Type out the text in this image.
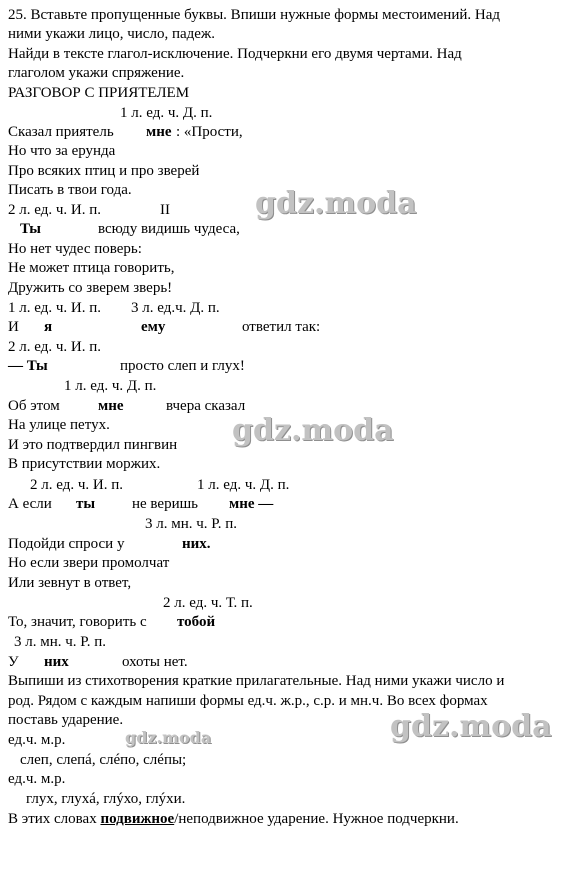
25. Вставьте пропущенные буквы. Впиши нужные формы местоимений. Над
ними укажи лицо, число, падеж.
Найди в тексте глагол-исключение. Подчеркни его двумя чертами. Над
глаголом укажи спряжение.
РАЗГОВОР С ПРИЯТЕЛЕМ
1 л. ед. ч. Д. п.
Сказал приятель мне : «Прости,
Но что за ерунда
Про всяких птиц и про зверей
Писать в твои года.
2 л. ед. ч. И. п.	II
Ты	всюду видишь чудеса,
Но нет чудес поверь:
Не может птица говорить,
Дружить со зверем зверь!
1 л. ед. ч. И. п. 3 л. ед.ч. Д. п.
И я	ему	ответил так:
2 л. ед. ч. И. п.
— Ты	просто слеп и глух!
1 л. ед. ч. Д. п.
Об этом	мне	вчера сказал
На улице петух.
И это подтвердил пингвин
В присутствии моржих.
2 л. ед. ч. И. п.	1 л. ед. ч. Д. п.
А если ты не веришь мне —
3 л. мн. ч. Р. п.
Подойди спроси у	них.
Но если звери промолчат
Или зевнут в ответ,
2 л. ед. ч. Т. п.
То, значит, говорить с тобой
3 л. мн. ч. Р. п.
У них	охоты нет.
Выпиши из стихотворения краткие прилагательные. Над ними укажи число и
род. Рядом с каждым напиши формы ед.ч. ж.р., с.р. и мн.ч. Во всех формах
поставь ударение.
ед.ч. м.р.
слеп, слепá, слéпо, слéпы;
ед.ч. м.р.
глух, глухá, глýхо, глýхи.
В этих словах подвижное/неподвижное ударение. Нужное подчеркни.
gdz.moda
gdz.moda
gdz.moda	gdz.moda
